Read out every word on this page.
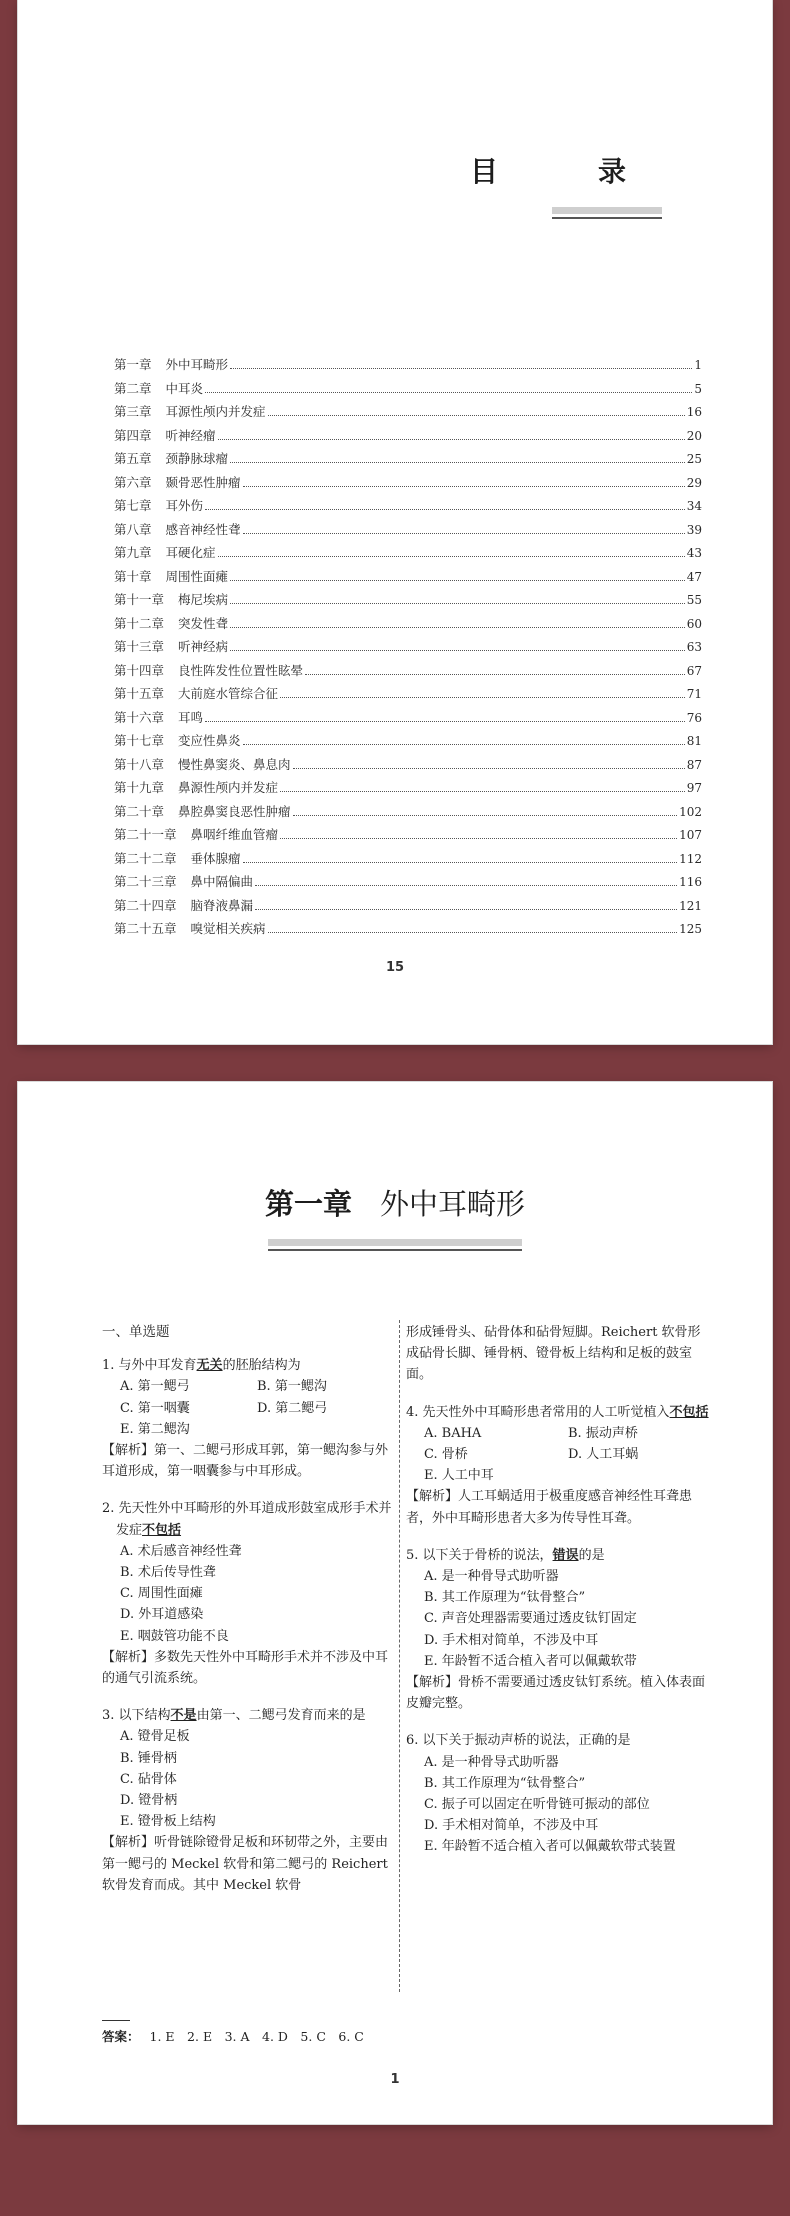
目　录
第一章 外中耳畸形	1
第二章 中耳炎	5
第三章 耳源性颅内并发症	16
第四章 听神经瘤	20
第五章 颈静脉球瘤	25
第六章 颞骨恶性肿瘤	29
第七章 耳外伤	34
第八章 感音神经性聋	39
第九章 耳硬化症	43
第十章 周围性面瘫	47
第十一章 梅尼埃病	55
第十二章 突发性聋	60
第十三章 听神经病	63
第十四章 良性阵发性位置性眩晕	67
第十五章 大前庭水管综合征	71
第十六章 耳鸣	76
第十七章 变应性鼻炎	81
第十八章 慢性鼻窦炎、鼻息肉	87
第十九章 鼻源性颅内并发症	97
第二十章 鼻腔鼻窦良恶性肿瘤	102
第二十一章 鼻咽纤维血管瘤	107
第二十二章 垂体腺瘤	112
第二十三章 鼻中隔偏曲	116
第二十四章 脑脊液鼻漏	121
第二十五章 嗅觉相关疾病	125
15
第一章 外中耳畸形
一、单选题
1. 与外中耳发育无关的胚胎结构为
A. 第一鳃弓	B. 第一鳃沟
C. 第一咽囊	D. 第二鳃弓
E. 第二鳃沟
【解析】第一、二鳃弓形成耳郭，第一鳃沟参与外耳道形成，第一咽囊参与中耳形成。
2. 先天性外中耳畸形的外耳道成形鼓室成形手术并发症不包括
A. 术后感音神经性聋
B. 术后传导性聋
C. 周围性面瘫
D. 外耳道感染
E. 咽鼓管功能不良
【解析】多数先天性外中耳畸形手术并不涉及中耳的通气引流系统。
3. 以下结构不是由第一、二鳃弓发育而来的是
A. 镫骨足板
B. 锤骨柄
C. 砧骨体
D. 镫骨柄
E. 镫骨板上结构
【解析】听骨链除镫骨足板和环韧带之外，主要由第一鳃弓的 Meckel 软骨和第二鳃弓的 Reichert 软骨发育而成。其中 Meckel 软骨
形成锤骨头、砧骨体和砧骨短脚。Reichert 软骨形成砧骨长脚、锤骨柄、镫骨板上结构和足板的鼓室面。
4. 先天性外中耳畸形患者常用的人工听觉植入不包括
A. BAHA	B. 振动声桥
C. 骨桥	D. 人工耳蜗
E. 人工中耳
【解析】人工耳蜗适用于极重度感音神经性耳聋患者，外中耳畸形患者大多为传导性耳聋。
5. 以下关于骨桥的说法，错误的是
A. 是一种骨导式助听器
B. 其工作原理为“钛骨整合”
C. 声音处理器需要通过透皮钛钉固定
D. 手术相对简单，不涉及中耳
E. 年龄暂不适合植入者可以佩戴软带
【解析】骨桥不需要通过透皮钛钉系统。植入体表面皮瓣完整。
6. 以下关于振动声桥的说法，正确的是
A. 是一种骨导式助听器
B. 其工作原理为“钛骨整合”
C. 振子可以固定在听骨链可振动的部位
D. 手术相对简单，不涉及中耳
E. 年龄暂不适合植入者可以佩戴软带式装置
答案： 1. E　2. E　3. A　4. D　5. C　6. C
1
